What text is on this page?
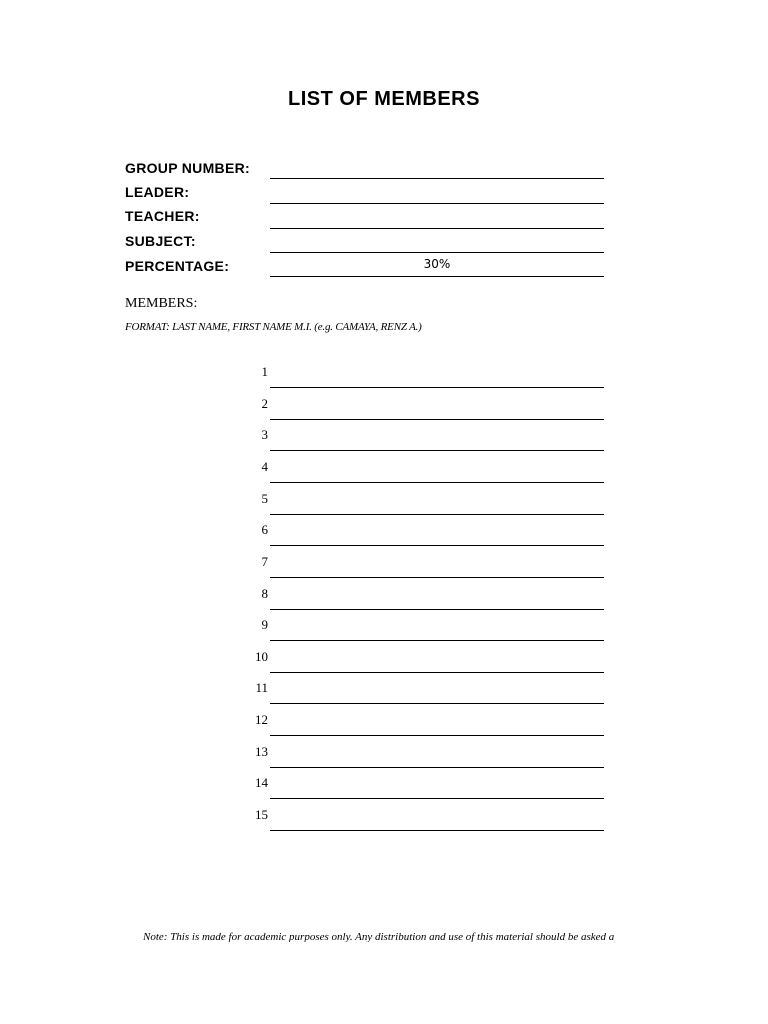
LIST OF MEMBERS
GROUP NUMBER:
LEADER:
TEACHER:
SUBJECT:
PERCENTAGE:	30%
MEMBERS:
FORMAT: LAST NAME, FIRST NAME M.I. (e.g. CAMAYA, RENZ A.)
1
2
3
4
5
6
7
8
9
10
11
12
13
14
15
Note: This is made for academic purposes only. Any distribution and use of this material should be asked a
